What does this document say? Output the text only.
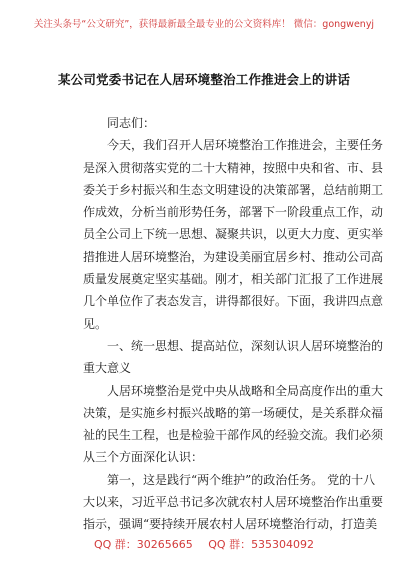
关注头条号“公文研究”，获得最新最全最专业的公文资料库！ 微信：gongwenyj
某公司党委书记在人居环境整治工作推进会上的讲话
同志们：
今天，我们召开人居环境整治工作推进会，主要任务
是深入贯彻落实党的二十大精神，按照中央和省、市、县
委关于乡村振兴和生态文明建设的决策部署，总结前期工
作成效，分析当前形势任务，部署下一阶段重点工作，动
员全公司上下统一思想、凝聚共识，以更大力度、更实举
措推进人居环境整治，为建设美丽宜居乡村、推动公司高
质量发展奠定坚实基础。刚才，相关部门汇报了工作进展
几个单位作了表态发言，讲得都很好。下面，我讲四点意
见。
一、统一思想、提高站位，深刻认识人居环境整治的
重大意义
人居环境整治是党中央从战略和全局高度作出的重大
决策，是实施乡村振兴战略的第一场硬仗，是关系群众福
祉的民生工程，也是检验干部作风的经验交流。我们必须
从三个方面深化认识：
第一，这是践行“两个维护”的政治任务。 党的十八
大以来，习近平总书记多次就农村人居环境整治作出重要
指示，强调“要持续开展农村人居环境整治行动，打造美
QQ 群：30265665 QQ 群：535304092
